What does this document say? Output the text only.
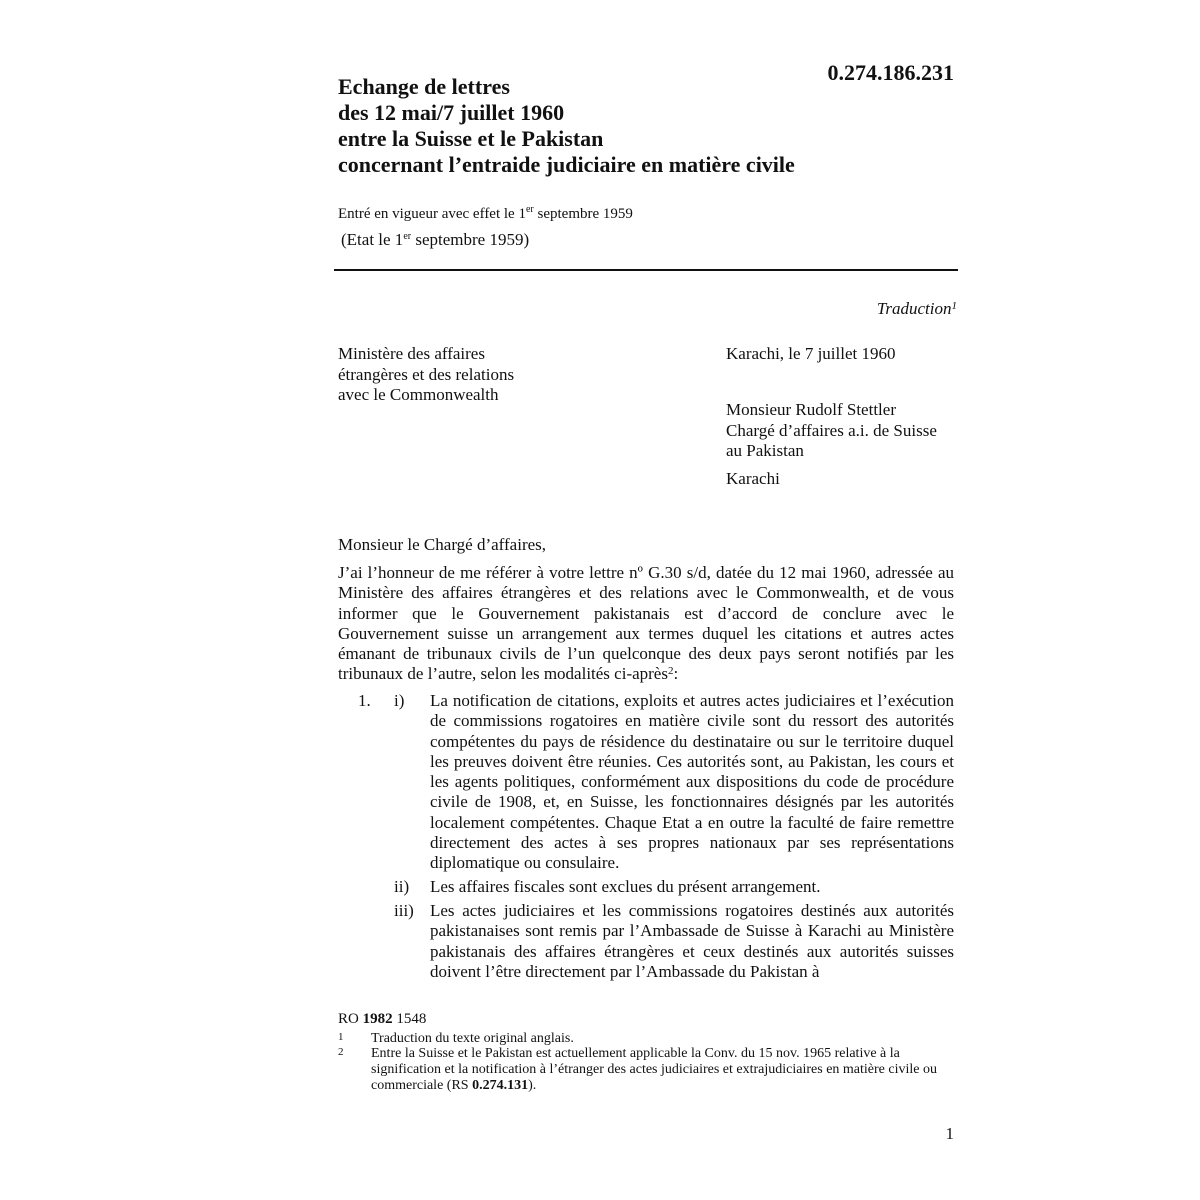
0.274.186.231
Echange de lettres
des 12 mai/7 juillet 1960
entre la Suisse et le Pakistan
concernant l’entraide judiciaire en matière civile
Entré en vigueur avec effet le 1er septembre 1959
(Etat le 1er septembre 1959)
Traduction$^1$
Ministère des affaires
étrangères et des relations
avec le Commonwealth
Karachi, le 7 juillet 1960
Monsieur Rudolf Stettler
Chargé d’affaires a.i. de Suisse
au Pakistan
Karachi
Monsieur le Chargé d’affaires,
J’ai l’honneur de me référer à votre lettre nº G.30 s/d, datée du 12 mai 1960, adressée au Ministère des affaires étrangères et des relations avec le Commonwealth, et de vous informer que le Gouvernement pakistanais est d’accord de conclure avec le Gouvernement suisse un arrangement aux termes duquel les citations et autres actes émanant de tribunaux civils de l’un quelconque des deux pays seront notifiés par les tribunaux de l’autre, selon les modalités ci-après$^2$:
1. i) La notification de citations, exploits et autres actes judiciaires et l’exécution de commissions rogatoires en matière civile sont du ressort des autorités compétentes du pays de résidence du destinataire ou sur le territoire duquel les preuves doivent être réunies. Ces autorités sont, au Pakistan, les cours et les agents politiques, conformément aux dispositions du code de procédure civile de 1908, et, en Suisse, les fonctionnaires désignés par les autorités localement compétentes. Chaque Etat a en outre la faculté de faire remettre directement des actes à ses propres nationaux par ses représentations diplomatique ou consulaire.
ii) Les affaires fiscales sont exclues du présent arrangement.
iii) Les actes judiciaires et les commissions rogatoires destinés aux autorités pakistanaises sont remis par l’Ambassade de Suisse à Karachi au Ministère pakistanais des affaires étrangères et ceux destinés aux autorités suisses doivent l’être directement par l’Ambassade du Pakistan à
RO 1982 1548
1 Traduction du texte original anglais.
2 Entre la Suisse et le Pakistan est actuellement applicable la Conv. du 15 nov. 1965 relative à la signification et la notification à l’étranger des actes judiciaires et extrajudiciaires en matière civile ou commerciale (RS 0.274.131).
1
